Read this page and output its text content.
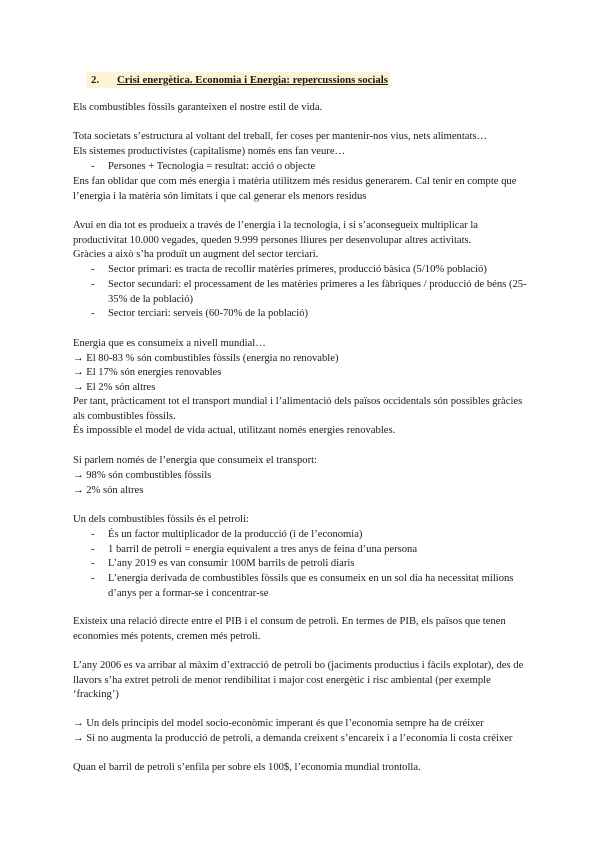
2. Crisi energètica. Economia i Energia: repercussions socials
Els combustibles fòssils garanteixen el nostre estil de vida.
Tota societats s’estructura al voltant del treball, fer coses per mantenir-nos vius, nets alimentats…
Els sistemes productivistes (capitalisme) només ens fan veure…
- Persones + Tecnologia = resultat: acció o objecte
Ens fan oblidar que com més energia i matèria utilitzem més residus generarem. Cal tenir en compte que l’energia i la matèria són limitats i que cal generar els menors residus
Avui en dia tot es produeix a través de l’energia i la tecnologia, i si s’aconsegueix multiplicar la productivitat 10.000 vegades, queden 9.999 persones lliures per desenvolupar altres activitats.
Gràcies a això s’ha produït un augment del sector terciari.
- Sector primari: es tracta de recollir matèries primeres, producció bàsica (5/10% població)
- Sector secundari: el processament de les matèries primeres a les fàbriques / producció de béns (25-35% de la població)
- Sector terciari: serveis (60-70% de la població)
Energia que es consumeix a nivell mundial…
→ El 80-83 % són combustibles fòssils (energia no renovable)
→ El 17% són energies renovables
→ El 2% són altres
Per tant, pràcticament tot el transport mundial i l’alimentació dels països occidentals són possibles gràcies als combustibles fòssils.
És impossible el model de vida actual, utilitzant només energies renovables.
Si parlem només de l’energia que consumeix el transport:
→ 98% són combustibles fòssils
→ 2% són altres
Un dels combustibles fòssils és el petroli:
- És un factor multiplicador de la producció (i de l’economia)
- 1 barril de petroli = energia equivalent a tres anys de feina d’una persona
- L’any 2019 es van consumir 100M barrils de petroli diaris
- L’energia derivada de combustibles fòssils que es consumeix en un sol dia ha necessitat milions d’anys per a formar-se i concentrar-se
Existeix una relació directe entre el PIB i el consum de petroli. En termes de PIB, els països que tenen economies més potents, cremen més petroli.
L’any 2006 es va arribar al màxim d’extracció de petroli bo (jaciments productius i fàcils explotar), des de llavors s’ha extret petroli de menor rendibilitat i major cost energètic i risc ambiental (per exemple ‘fracking’)
→ Un dels principis del model socio-econòmic imperant és que l’economia sempre ha de créixer
→ Si no augmenta la producció de petroli, a demanda creixent s’encareix i a l’economia li costa créixer
Quan el barril de petroli s’enfila per sobre els 100$, l’economia mundial trontolla.
